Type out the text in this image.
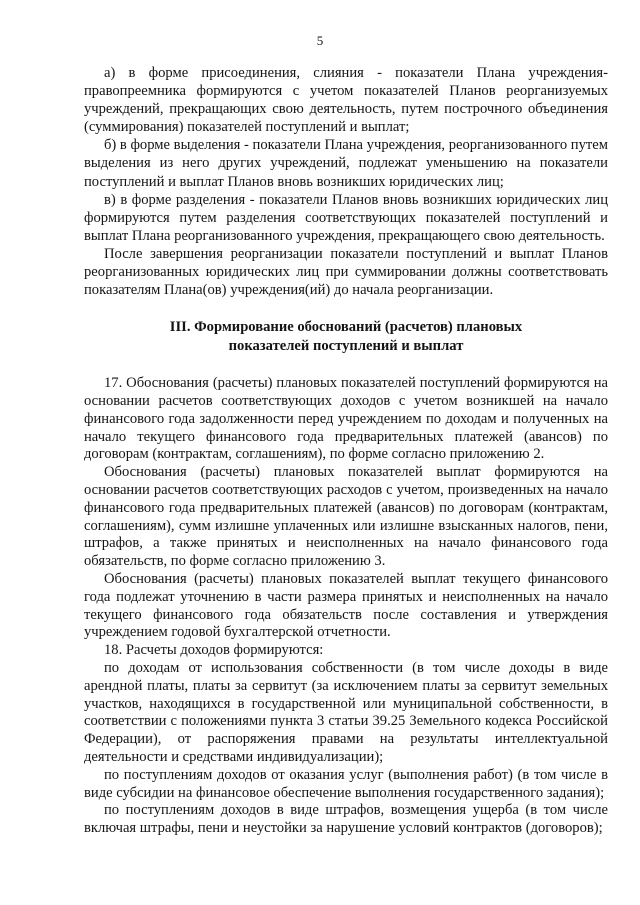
5

а) в форме присоединения, слияния - показатели Плана учреждения-правопреемника формируются с учетом показателей Планов реорганизуемых учреждений, прекращающих свою деятельность, путем построчного объединения (суммирования) показателей поступлений и выплат;

б) в форме выделения - показатели Плана учреждения, реорганизованного путем выделения из него других учреждений, подлежат уменьшению на показатели поступлений и выплат Планов вновь возникших юридических лиц;

в) в форме разделения - показатели Планов вновь возникших юридических лиц формируются путем разделения соответствующих показателей поступлений и выплат Плана реорганизованного учреждения, прекращающего свою деятельность.

После завершения реорганизации показатели поступлений и выплат Планов реорганизованных юридических лиц при суммировании должны соответствовать показателям Плана(ов) учреждения(ий) до начала реорганизации.

III. Формирование обоснований (расчетов) плановых
показателей поступлений и выплат

17. Обоснования (расчеты) плановых показателей поступлений формируются на основании расчетов соответствующих доходов с учетом возникшей на начало финансового года задолженности перед учреждением по доходам и полученных на начало текущего финансового года предварительных платежей (авансов) по договорам (контрактам, соглашениям), по форме согласно приложению 2.

Обоснования (расчеты) плановых показателей выплат формируются на основании расчетов соответствующих расходов с учетом, произведенных на начало финансового года предварительных платежей (авансов) по договорам (контрактам, соглашениям), сумм излишне уплаченных или излишне взысканных налогов, пени, штрафов, а также принятых и неисполненных на начало финансового года обязательств, по форме согласно приложению 3.

Обоснования (расчеты) плановых показателей выплат текущего финансового года подлежат уточнению в части размера принятых и неисполненных на начало текущего финансового года обязательств после составления и утверждения учреждением годовой бухгалтерской отчетности.

18. Расчеты доходов формируются:

по доходам от использования собственности (в том числе доходы в виде арендной платы, платы за сервитут (за исключением платы за сервитут земельных участков, находящихся в государственной или муниципальной собственности, в соответствии с положениями пункта 3 статьи 39.25 Земельного кодекса Российской Федерации), от распоряжения правами на результаты интеллектуальной деятельности и средствами индивидуализации);

по поступлениям доходов от оказания услуг (выполнения работ) (в том числе в виде субсидии на финансовое обеспечение выполнения государственного задания);

по поступлениям доходов в виде штрафов, возмещения ущерба (в том числе включая штрафы, пени и неустойки за нарушение условий контрактов (договоров);
